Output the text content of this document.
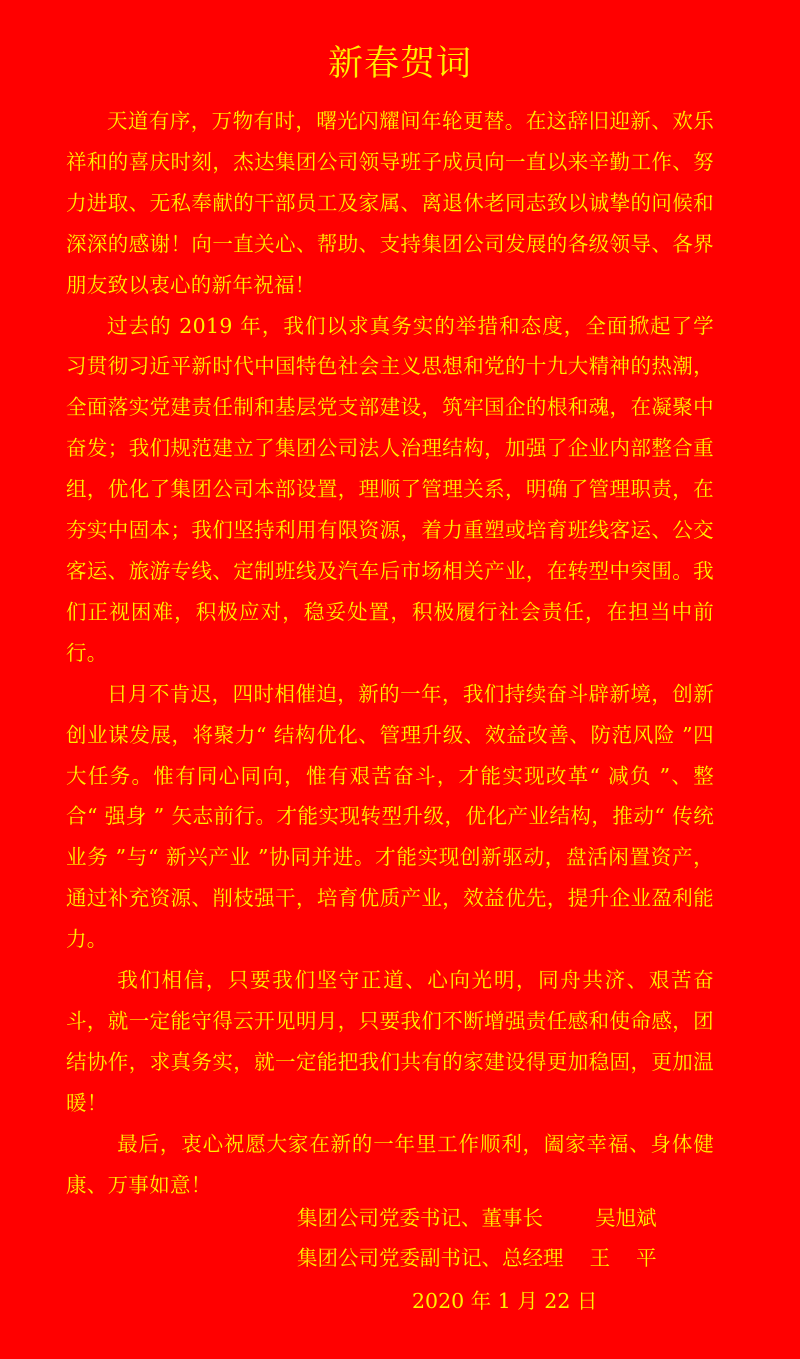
新春贺词

天道有序，万物有时，曙光闪耀间年轮更替。在这辞旧迎新、欢乐祥和的喜庆时刻，杰达集团公司领导班子成员向一直以来辛勤工作、努力进取、无私奉献的干部员工及家属、离退休老同志致以诚挚的问候和深深的感谢！向一直关心、帮助、支持集团公司发展的各级领导、各界朋友致以衷心的新年祝福！

过去的 2019 年，我们以求真务实的举措和态度，全面掀起了学习贯彻习近平新时代中国特色社会主义思想和党的十九大精神的热潮，全面落实党建责任制和基层党支部建设，筑牢国企的根和魂，在凝聚中奋发；我们规范建立了集团公司法人治理结构，加强了企业内部整合重组，优化了集团公司本部设置，理顺了管理关系，明确了管理职责，在夯实中固本；我们坚持利用有限资源，着力重塑或培育班线客运、公交客运、旅游专线、定制班线及汽车后市场相关产业，在转型中突围。我们正视困难，积极应对，稳妥处置，积极履行社会责任，在担当中前行。

日月不肯迟，四时相催迫，新的一年，我们持续奋斗辟新境，创新创业谋发展，将聚力“ 结构优化、管理升级、效益改善、防范风险 ”四大任务。惟有同心同向，惟有艰苦奋斗，才能实现改革“ 减负 ”、整合“ 强身 ” 矢志前行。才能实现转型升级，优化产业结构，推动“ 传统业务 ”与“ 新兴产业 ”协同并进。才能实现创新驱动，盘活闲置资产，通过补充资源、削枝强干，培育优质产业，效益优先，提升企业盈利能力。

我们相信，只要我们坚守正道、心向光明，同舟共济、艰苦奋斗，就一定能守得云开见明月，只要我们不断增强责任感和使命感，团结协作，求真务实，就一定能把我们共有的家建设得更加稳固，更加温暖！

最后，衷心祝愿大家在新的一年里工作顺利，阖家幸福、身体健康、万事如意！

集团公司党委书记、董事长        吴旭斌
集团公司党委副书记、总经理    王    平
2020 年 1 月 22 日
